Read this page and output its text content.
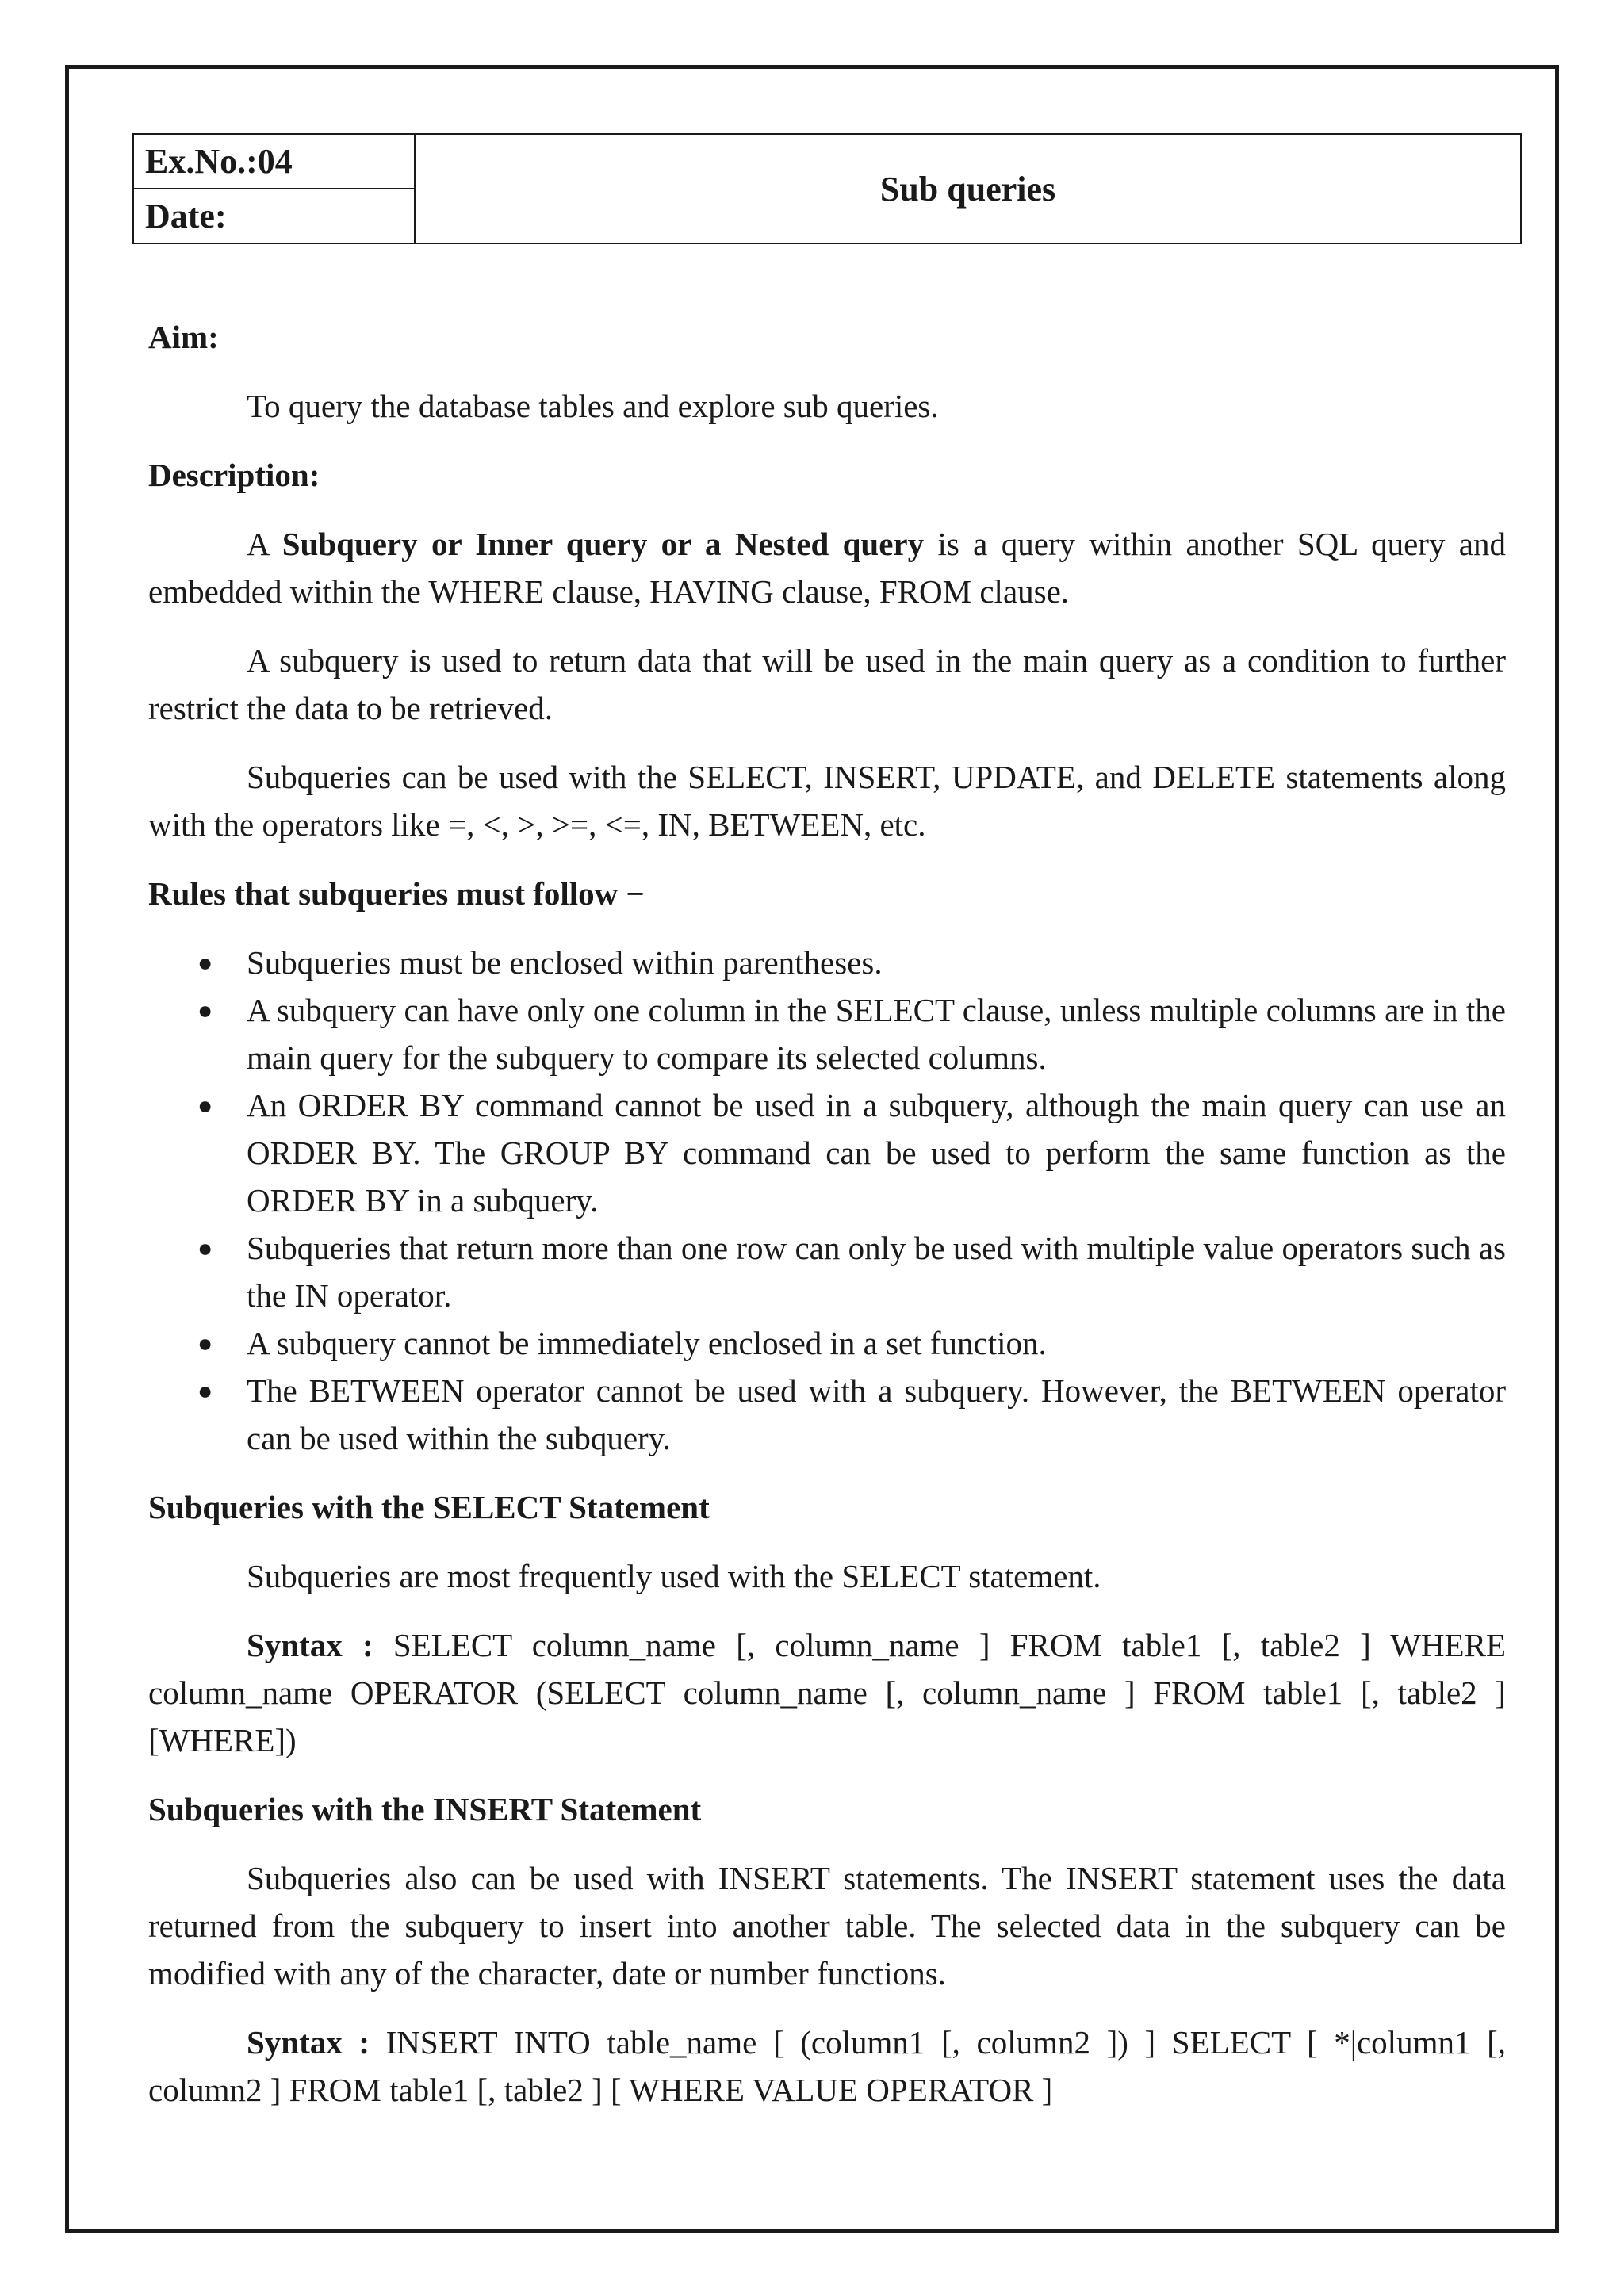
Ex.No.:04	Sub queries
Date:

Aim:

To query the database tables and explore sub queries.

Description:

A Subquery or Inner query or a Nested query is a query within another SQL query and embedded within the WHERE clause, HAVING clause, FROM clause.

A subquery is used to return data that will be used in the main query as a condition to further restrict the data to be retrieved.

Subqueries can be used with the SELECT, INSERT, UPDATE, and DELETE statements along with the operators like =, <, >, >=, <=, IN, BETWEEN, etc.

Rules that subqueries must follow −

● Subqueries must be enclosed within parentheses.
● A subquery can have only one column in the SELECT clause, unless multiple columns are in the main query for the subquery to compare its selected columns.
● An ORDER BY command cannot be used in a subquery, although the main query can use an ORDER BY. The GROUP BY command can be used to perform the same function as the ORDER BY in a subquery.
● Subqueries that return more than one row can only be used with multiple value operators such as the IN operator.
● A subquery cannot be immediately enclosed in a set function.
● The BETWEEN operator cannot be used with a subquery. However, the BETWEEN operator can be used within the subquery.

Subqueries with the SELECT Statement

Subqueries are most frequently used with the SELECT statement.

Syntax : SELECT column_name [, column_name ] FROM table1 [, table2 ] WHERE column_name OPERATOR (SELECT column_name [, column_name ] FROM table1 [, table2 ] [WHERE])

Subqueries with the INSERT Statement

Subqueries also can be used with INSERT statements. The INSERT statement uses the data returned from the subquery to insert into another table. The selected data in the subquery can be modified with any of the character, date or number functions.

Syntax : INSERT INTO table_name [ (column1 [, column2 ]) ] SELECT [ *|column1 [, column2 ] FROM table1 [, table2 ] [ WHERE VALUE OPERATOR ]
